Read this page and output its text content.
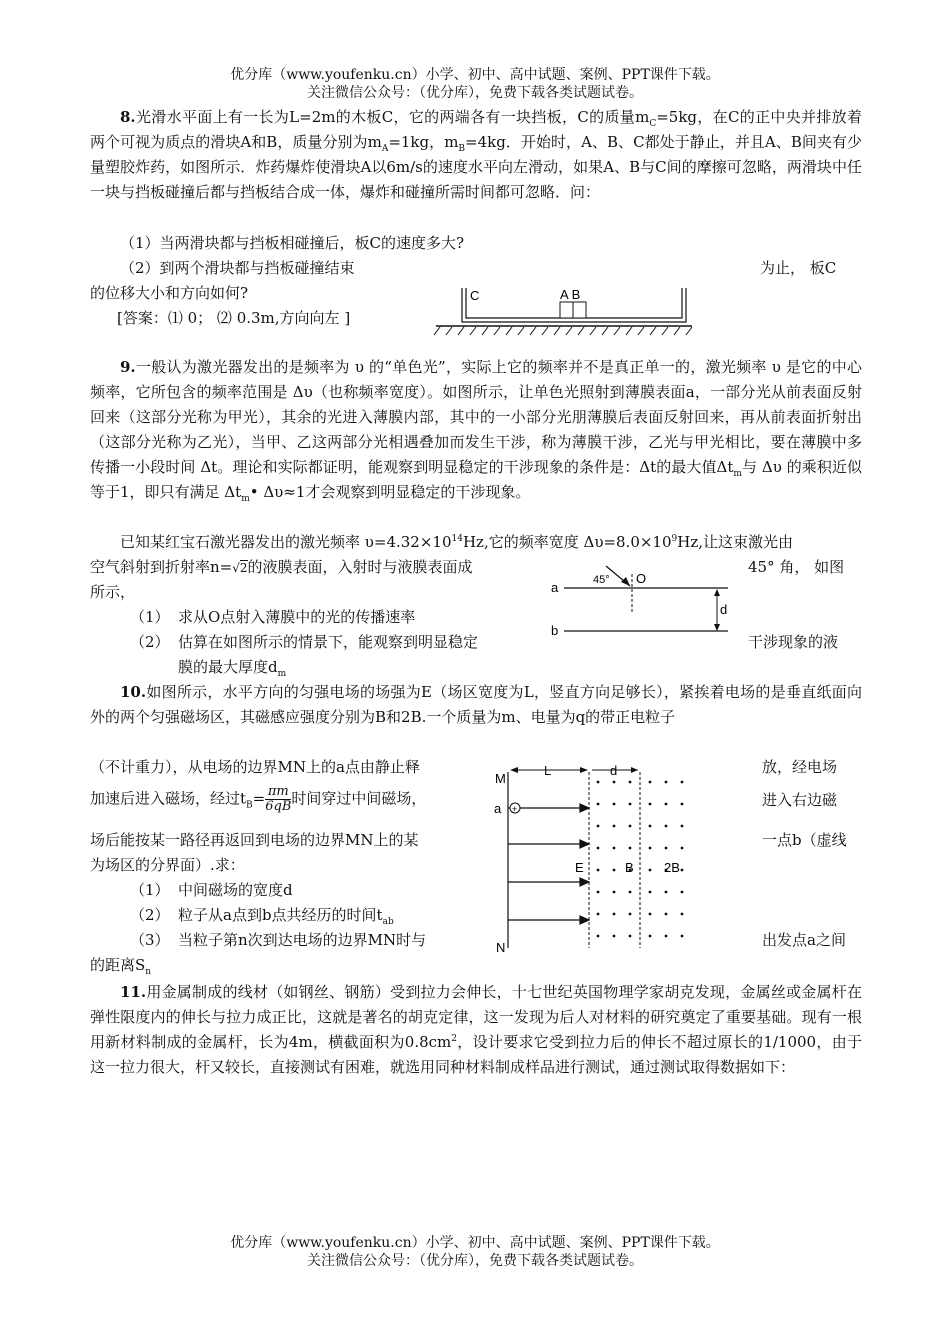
优分库（www.youfenku.cn）小学、初中、高中试题、案例、PPT课件下载。
关注微信公众号：（优分库），免费下载各类试题试卷。
8.光滑水平面上有一长为L=2m的木板C，它的两端各有一块挡板，C的质量$m_C=5kg$，在C的正中央并排放着两个可视为质点的滑块A和B，质量分别为$m_A=1kg$，$m_B=4kg$．开始时，A、B、C都处于静止，并且A、B间夹有少量塑胶炸药，如图所示．炸药爆炸使滑块A以6m/s的速度水平向左滑动，如果A、B与C间的摩擦可忽略，两滑块中任一块与挡板碰撞后都与挡板结合成一体，爆炸和碰撞所需时间都可忽略．问：
（1）当两滑块都与挡板相碰撞后，板C的速度多大?
（2）到两个滑块都与挡板碰撞结束	为止， 板C
的位移大小和方向如何?
[答案：⑴ 0； ⑵ 0.3m,方向向左 ]
C	A B
9.一般认为激光器发出的是频率为 υ 的“单色光”，实际上它的频率并不是真正单一的，激光频率 υ 是它的中心频率，它所包含的频率范围是 Δυ（也称频率宽度）。如图所示，让单色光照射到薄膜表面a，一部分光从前表面反射回来（这部分光称为甲光），其余的光进入薄膜内部，其中的一小部分光朋薄膜后表面反射回来，再从前表面折射出（这部分光称为乙光），当甲、乙这两部分光相遇叠加而发生干涉，称为薄膜干涉，乙光与甲光相比，要在薄膜中多传播一小段时间 Δt。理论和实际都证明，能观察到明显稳定的干涉现象的条件是：Δt的最大值$\Delta t_m$与 Δυ 的乘积近似等于1，即只有满足 $\Delta t_m•$ Δυ≈1才会观察到明显稳定的干涉现象。
已知某红宝石激光器发出的激光频率 $\upsilon=4.32\times 10^{14}Hz$,它的频率宽度 $\Delta\upsilon=8.0\times 10^9Hz$,让这束激光由
空气斜射到折射率n=√2的液膜表面，入射时与液膜表面成	45° 角， 如图
所示，
（1） 求从O点射入薄膜中的光的传播速率
（2） 估算在如图所示的情景下，能观察到明显稳定	干涉现象的液
膜的最大厚度$d_m$
a
b
O
45°
d
10.如图所示，水平方向的匀强电场的场强为E（场区宽度为L，竖直方向足够长），紧挨着电场的是垂直纸面向外的两个匀强磁场区，其磁感应强度分别为B和2B.一个质量为m、电量为q的带正电粒子
（不计重力），从电场的边界MN上的a点由静止释	放，经电场
加速后进入磁场，经过$t_B= \frac{\pi m}{6qB}$ 时间穿过中间磁场，	进入右边磁
场后能按某一路径再返回到电场的边界MN上的某	一点b（虚线
为场区的分界面）.求：
（1） 中间磁场的宽度d
（2） 粒子从a点到b点共经历的时间$t_{ab}$
（3） 当粒子第n次到达电场的边界MN时与	出发点a之间
的距离$S_n$
+
M
N
L	d
a
E	B 2B
11.用金属制成的线材（如钢丝、钢筋）受到拉力会伸长，十七世纪英国物理学家胡克发现，金属丝或金属杆在弹性限度内的伸长与拉力成正比，这就是著名的胡克定律，这一发现为后人对材料的研究奠定了重要基础。现有一根用新材料制成的金属杆，长为4m，横截面积为$0.8cm^2$，设计要求它受到拉力后的伸长不超过原长的1/1000，由于这一拉力很大，杆又较长，直接测试有困难，就选用同种材料制成样品进行测试，通过测试取得数据如下：
优分库（www.youfenku.cn）小学、初中、高中试题、案例、PPT课件下载。
关注微信公众号：（优分库），免费下载各类试题试卷。
